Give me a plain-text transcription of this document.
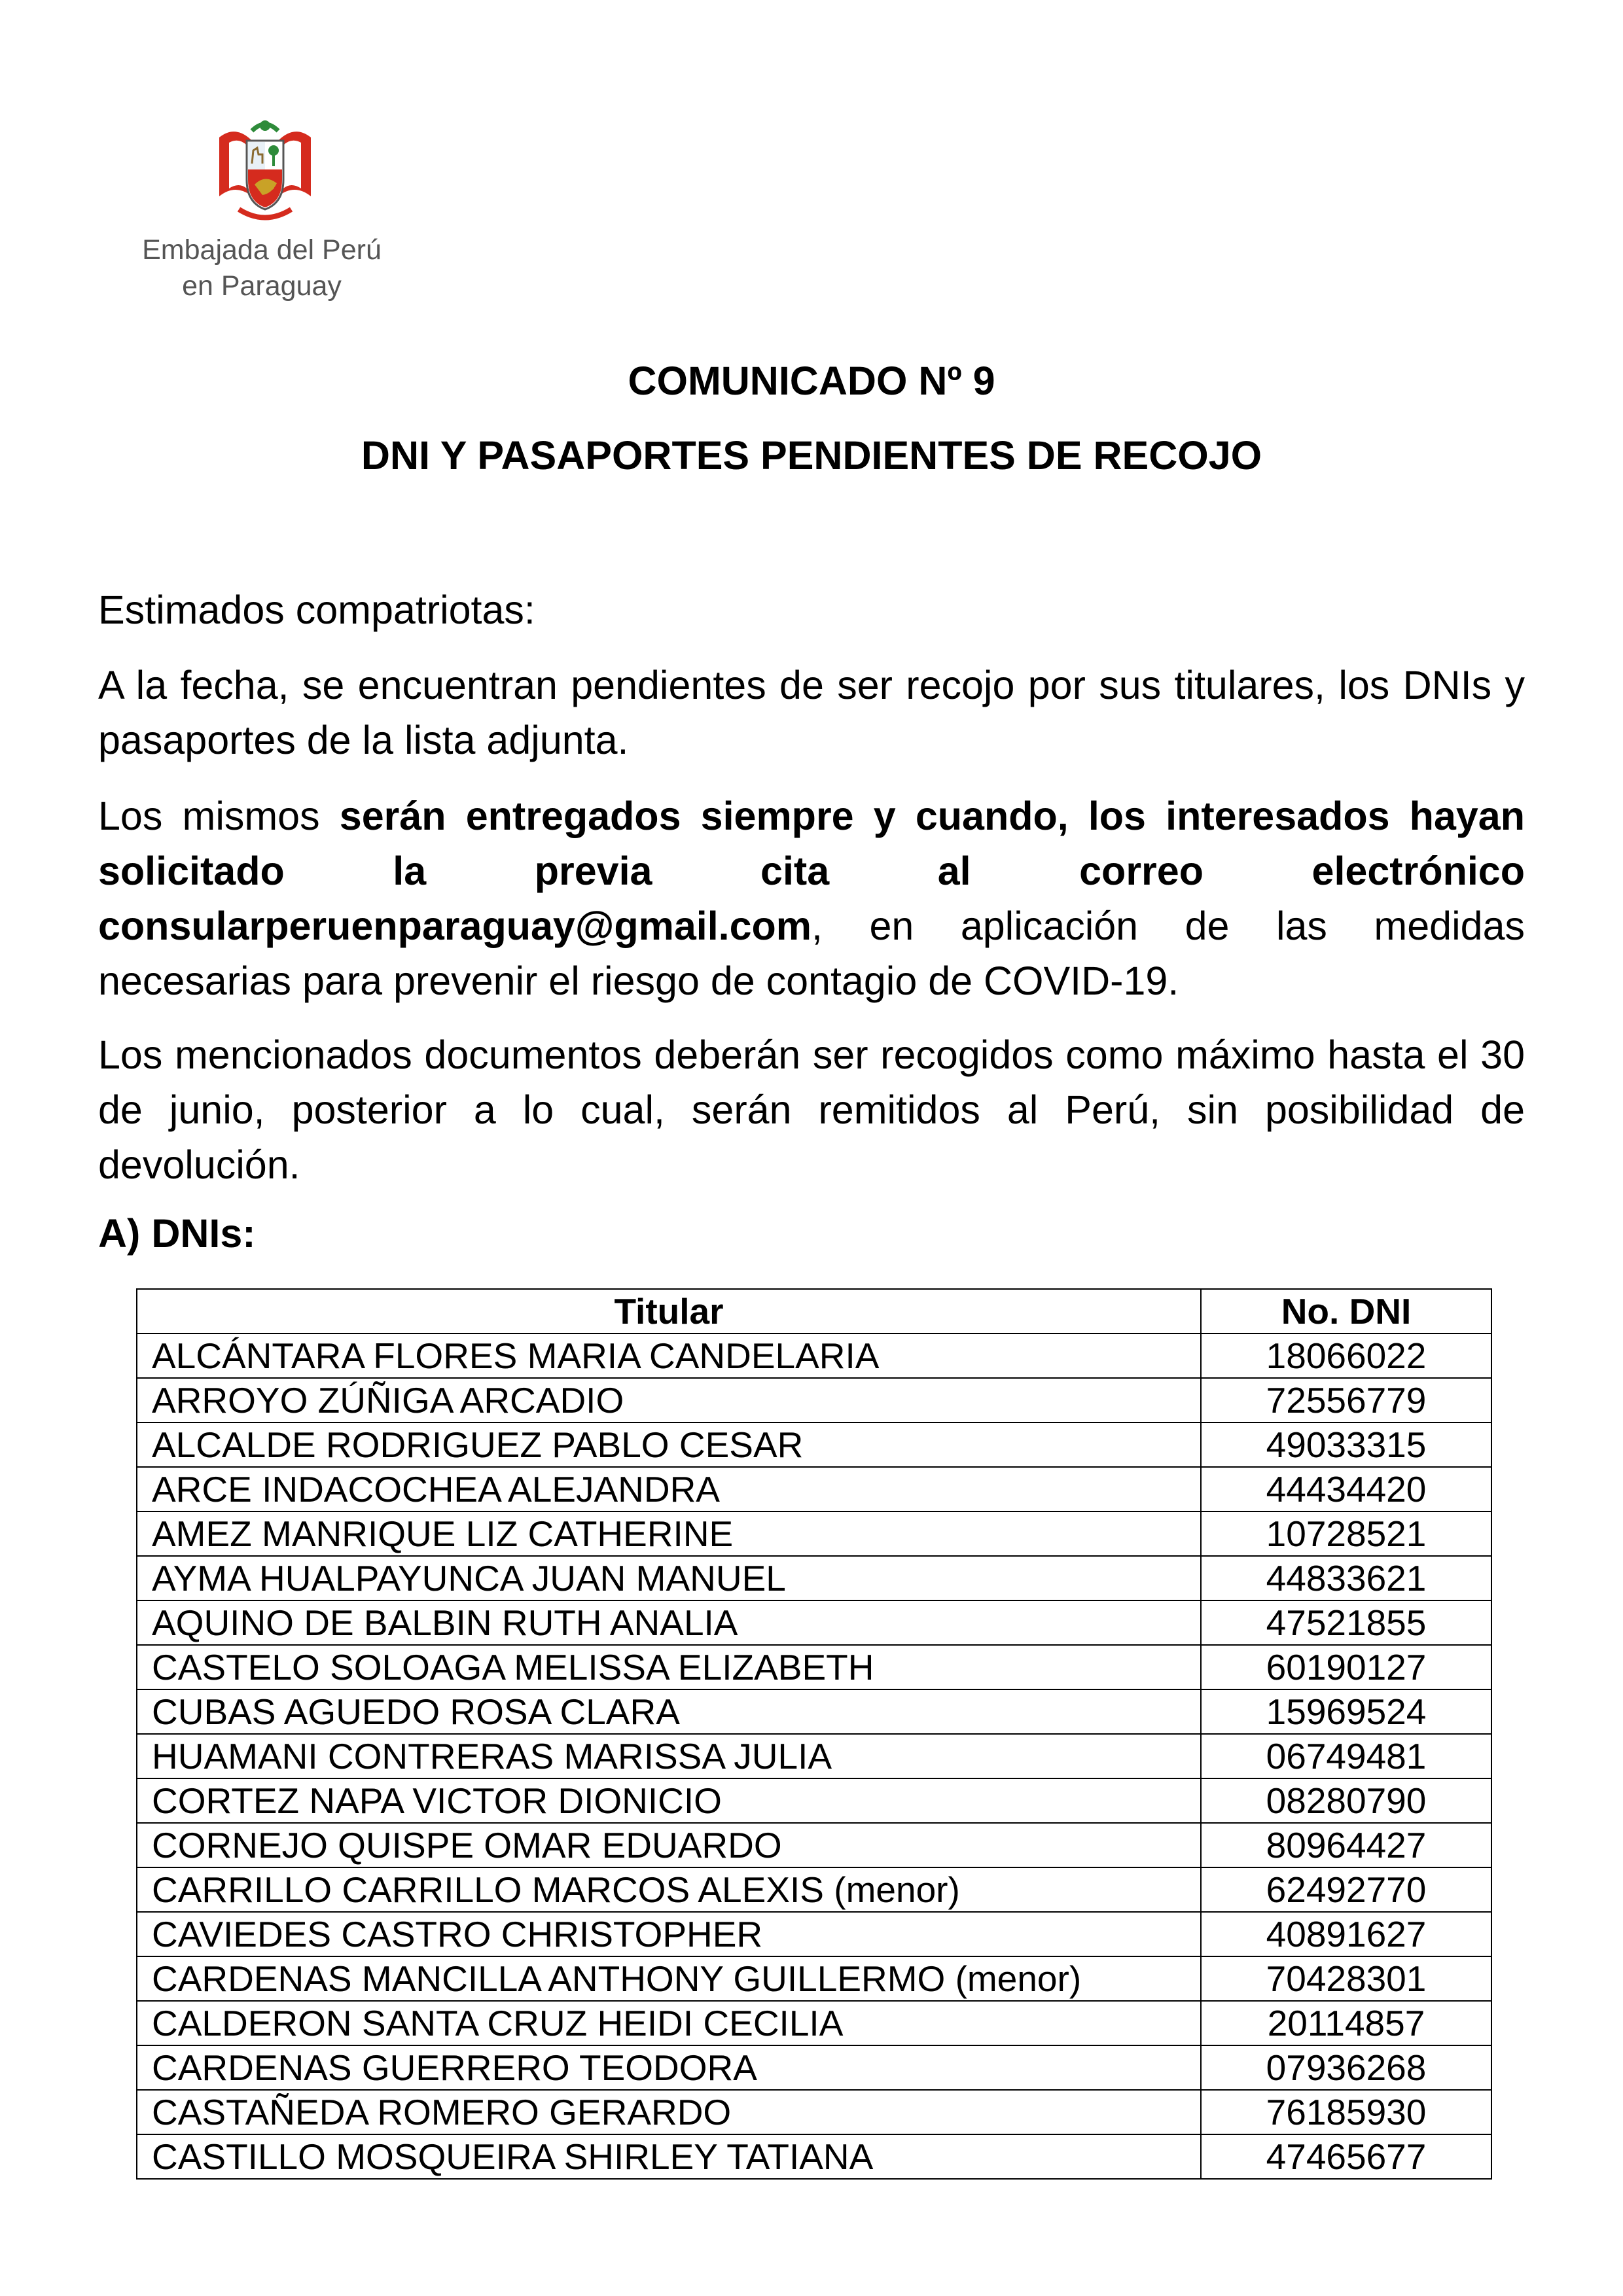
Embajada del Perú
en Paraguay
COMUNICADO Nº 9
DNI Y PASAPORTES PENDIENTES DE RECOJO
Estimados compatriotas:
A la fecha, se encuentran pendientes de ser recojo por sus titulares, los DNIs y pasaportes de la lista adjunta.
Los mismos serán entregados siempre y cuando, los interesados hayan solicitado la previa cita al correo electrónico consularperuenparaguay@gmail.com, en aplicación de las medidas necesarias para prevenir el riesgo de contagio de COVID-19.
Los mencionados documentos deberán ser recogidos como máximo hasta el 30 de junio, posterior a lo cual, serán remitidos al Perú, sin posibilidad de devolución.
A) DNIs:
Titular	No. DNI
ALCÁNTARA FLORES MARIA CANDELARIA	18066022
ARROYO ZÚÑIGA ARCADIO	72556779
ALCALDE RODRIGUEZ PABLO CESAR	49033315
ARCE INDACOCHEA ALEJANDRA	44434420
AMEZ MANRIQUE LIZ CATHERINE	10728521
AYMA HUALPAYUNCA JUAN MANUEL	44833621
AQUINO DE BALBIN RUTH ANALIA	47521855
CASTELO SOLOAGA MELISSA ELIZABETH	60190127
CUBAS AGUEDO ROSA CLARA	15969524
HUAMANI CONTRERAS MARISSA JULIA	06749481
CORTEZ NAPA VICTOR DIONICIO	08280790
CORNEJO QUISPE OMAR EDUARDO	80964427
CARRILLO CARRILLO MARCOS ALEXIS (menor)	62492770
CAVIEDES CASTRO CHRISTOPHER	40891627
CARDENAS MANCILLA ANTHONY GUILLERMO (menor)	70428301
CALDERON SANTA CRUZ HEIDI CECILIA	20114857
CARDENAS GUERRERO TEODORA	07936268
CASTAÑEDA ROMERO GERARDO	76185930
CASTILLO MOSQUEIRA SHIRLEY TATIANA	47465677
